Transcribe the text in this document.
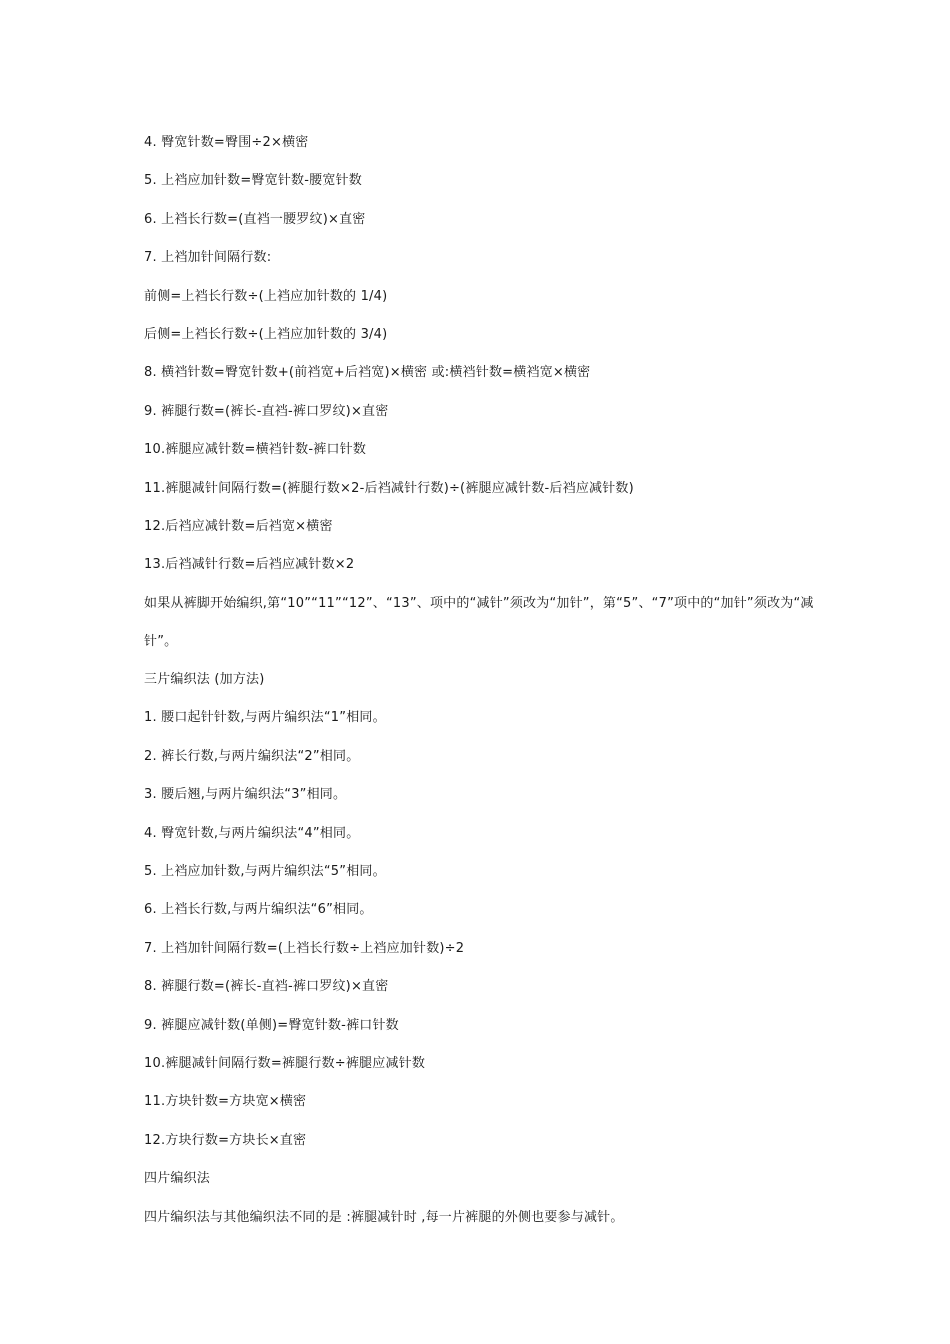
4. 臀宽针数=臀围÷2×横密
5. 上裆应加针数=臀宽针数-腰宽针数
6. 上裆长行数=(直裆一腰罗纹)×直密
7. 上裆加针间隔行数:
前侧=上裆长行数÷(上裆应加针数的 1/4)
后侧=上裆长行数÷(上裆应加针数的 3/4)
8. 横裆针数=臀宽针数+(前裆宽+后裆宽)×横密 或:横裆针数=横裆宽×横密
9. 裤腿行数=(裤长-直裆-裤口罗纹)×直密
10.裤腿应减针数=横裆针数-裤口针数
11.裤腿减针间隔行数=(裤腿行数×2-后裆减针行数)÷(裤腿应减针数-后裆应减针数)
12.后裆应减针数=后裆宽×横密
13.后裆减针行数=后裆应减针数×2
如果从裤脚开始编织,第“10”“11”“12”、“13”、项中的“减针”须改为“加针”，第“5”、“7”项中的“加针”须改为“减
针”。
三片编织法 (加方法)
1. 腰口起针针数,与两片编织法“1”相同。
2. 裤长行数,与两片编织法“2”相同。
3. 腰后翘,与两片编织法“3”相同。
4. 臀宽针数,与两片编织法“4”相同。
5. 上裆应加针数,与两片编织法“5”相同。
6. 上裆长行数,与两片编织法“6”相同。
7. 上裆加针间隔行数=(上裆长行数÷上裆应加针数)÷2
8. 裤腿行数=(裤长-直裆-裤口罗纹)×直密
9. 裤腿应减针数(单侧)=臀宽针数-裤口针数
10.裤腿减针间隔行数=裤腿行数÷裤腿应减针数
11.方块针数=方块宽×横密
12.方块行数=方块长×直密
四片编织法
四片编织法与其他编织法不同的是 :裤腿减针时 ,每一片裤腿的外侧也要参与减针。
